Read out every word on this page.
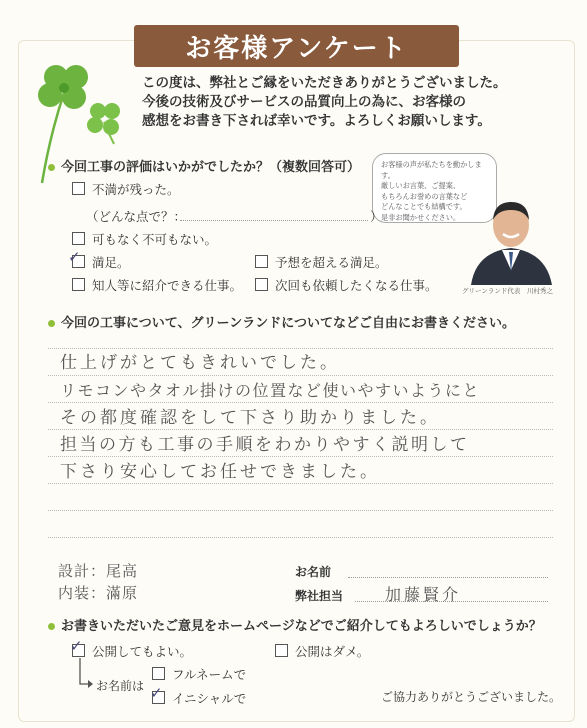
お客様アンケート
この度は、弊社とご縁をいただきありがとうございました。
今後の技術及びサービスの品質向上の為に、お客様の
感想をお書き下されば幸いです。よろしくお願いします。
お客様の声が私たちを動かします。
厳しいお言葉、ご提案、
もちろんお誉めの言葉など
どんなことでも結構です。
是非お聞かせください。
グリーンランド代表　川村秀之
今回工事の評価はいかがでしたか？（複数回答可）
不満が残った。
（どんな点で？：	）
可もなく不可もない。
✓ 満足。	予想を超える満足。
知人等に紹介できる仕事。	次回も依頼したくなる仕事。
今回の工事について、グリーンランドについてなどご自由にお書きください。
仕上げがとてもきれいでした。
リモコンやタオル掛けの位置など使いやすいようにと
その都度確認をして下さり助かりました。
担当の方も工事の手順をわかりやすく説明して
下さり安心してお任せできました。
設計：尾高
内装：滿原
お名前
弊社担当	加藤賢介
お書きいただいたご意見をホームページなどでご紹介してもよろしいでしょうか？
✓ 公開してもよい。	公開はダメ。
お名前は
フルネームで
✓ イニシャルで	ご協力ありがとうございました。
